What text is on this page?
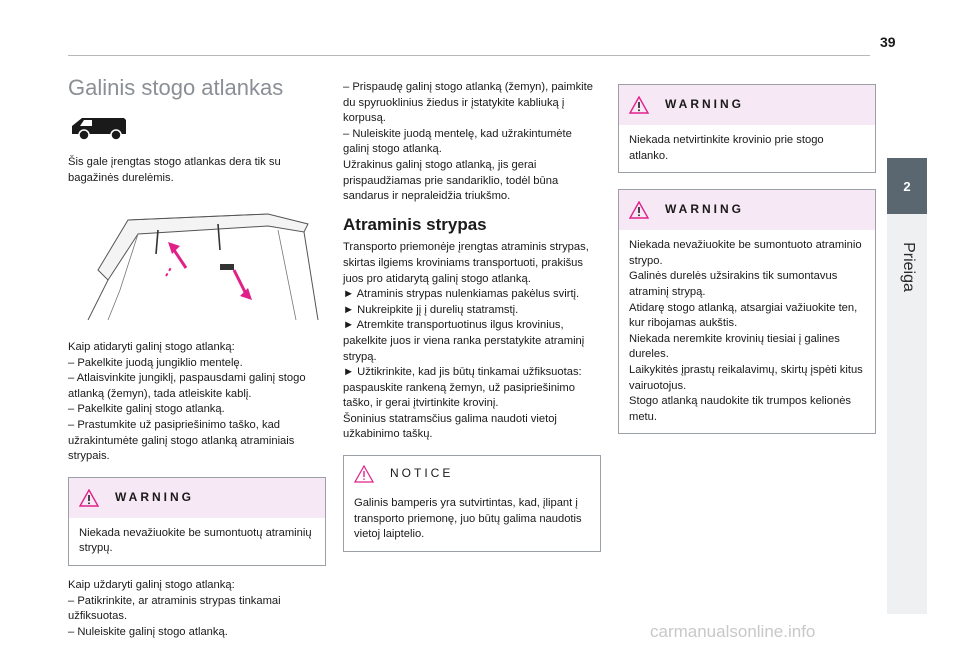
39
2
Prieiga
Galinis stogo atlankas

Šis gale įrengtas stogo atlankas dera tik su bagažinės durelėmis.

Kaip atidaryti galinį stogo atlanką:

– Pakelkite juodą jungiklio mentelę.

– Atlaisvinkite jungiklį, paspausdami galinį stogo atlanką (žemyn), tada atleiskite kablį.

– Pakelkite galinį stogo atlanką.

– Prastumkite už pasipriešinimo taško, kad užrakintumėte galinį stogo atlanką atraminiais strypais.

WARNING
Niekada nevažiuokite be sumontuotų atraminių strypų.

Kaip uždaryti galinį stogo atlanką:

– Patikrinkite, ar atraminis strypas tinkamai užfiksuotas.

– Nuleiskite galinį stogo atlanką.

– Prispaudę galinį stogo atlanką (žemyn), paimkite du spyruoklinius žiedus ir įstatykite kabliuką į korpusą.

– Nuleiskite juodą mentelę, kad užrakintumėte galinį stogo atlanką.

Užrakinus galinį stogo atlanką, jis gerai prispaudžiamas prie sandariklio, todėl būna sandarus ir nepraleidžia triukšmo.

Atraminis strypas

Transporto priemonėje įrengtas atraminis strypas, skirtas ilgiems kroviniams transportuoti, prakišus juos pro atidarytą galinį stogo atlanką.

► Atraminis strypas nulenkiamas pakėlus svirtį.

► Nukreipkite jį į durelių statramstį.

► Atremkite transportuotinus ilgus krovinius, pakelkite juos ir viena ranka perstatykite atraminį strypą.

► Užtikrinkite, kad jis būtų tinkamai užfiksuotas: paspauskite rankeną žemyn, už pasipriešinimo taško, ir gerai įtvirtinkite krovinį.

Šoninius statramsčius galima naudoti vietoj užkabinimo taškų.

NOTICE
Galinis bamperis yra sutvirtintas, kad, įlipant į transporto priemonę, juo būtų galima naudotis vietoj laiptelio.
WARNING
Niekada netvirtinkite krovinio prie stogo atlanko.
WARNING

Niekada nevažiuokite be sumontuoto atraminio strypo.

Galinės durelės užsirakins tik sumontavus atraminį strypą.

Atidarę stogo atlanką, atsargiai važiuokite ten, kur ribojamas aukštis.

Niekada neremkite krovinių tiesiai į galines dureles.

Laikykitės įprastų reikalavimų, skirtų įspėti kitus vairuotojus.

Stogo atlanką naudokite tik trumpos kelionės metu.

carmanualsonline.info
